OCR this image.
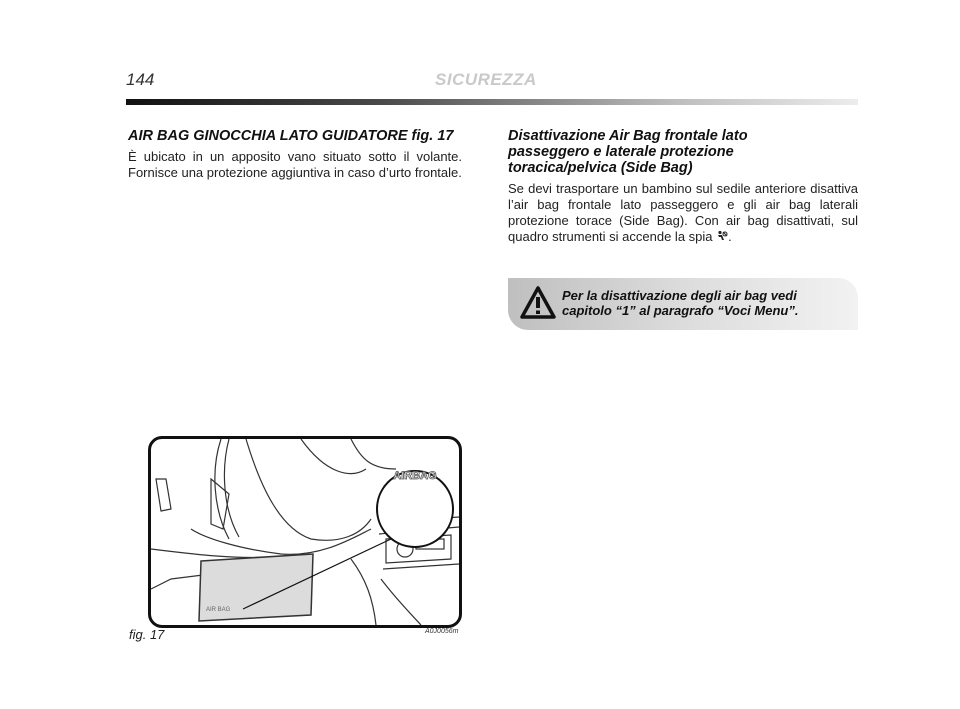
144	SICUREZZA
AIR BAG GINOCCHIA LATO GUIDATORE fig. 17
È ubicato in un apposito vano situato sotto il volante. Fornisce una protezione aggiuntiva in caso d’urto frontale.
Disattivazione Air Bag frontale lato passeggero e laterale protezione toracica/pelvica (Side Bag)
Se devi trasportare un bambino sul sedile anteriore disattiva l’air bag frontale lato passeggero e gli air bag laterali protezione torace (Side Bag). Con air bag disattivati, sul quadro strumenti si accende la spia .
Per la disattivazione degli air bag vedi capitolo “1” al paragrafo “Voci Menu”.
AIR BAG
AIRBAG
fig. 17	A0J0056m
